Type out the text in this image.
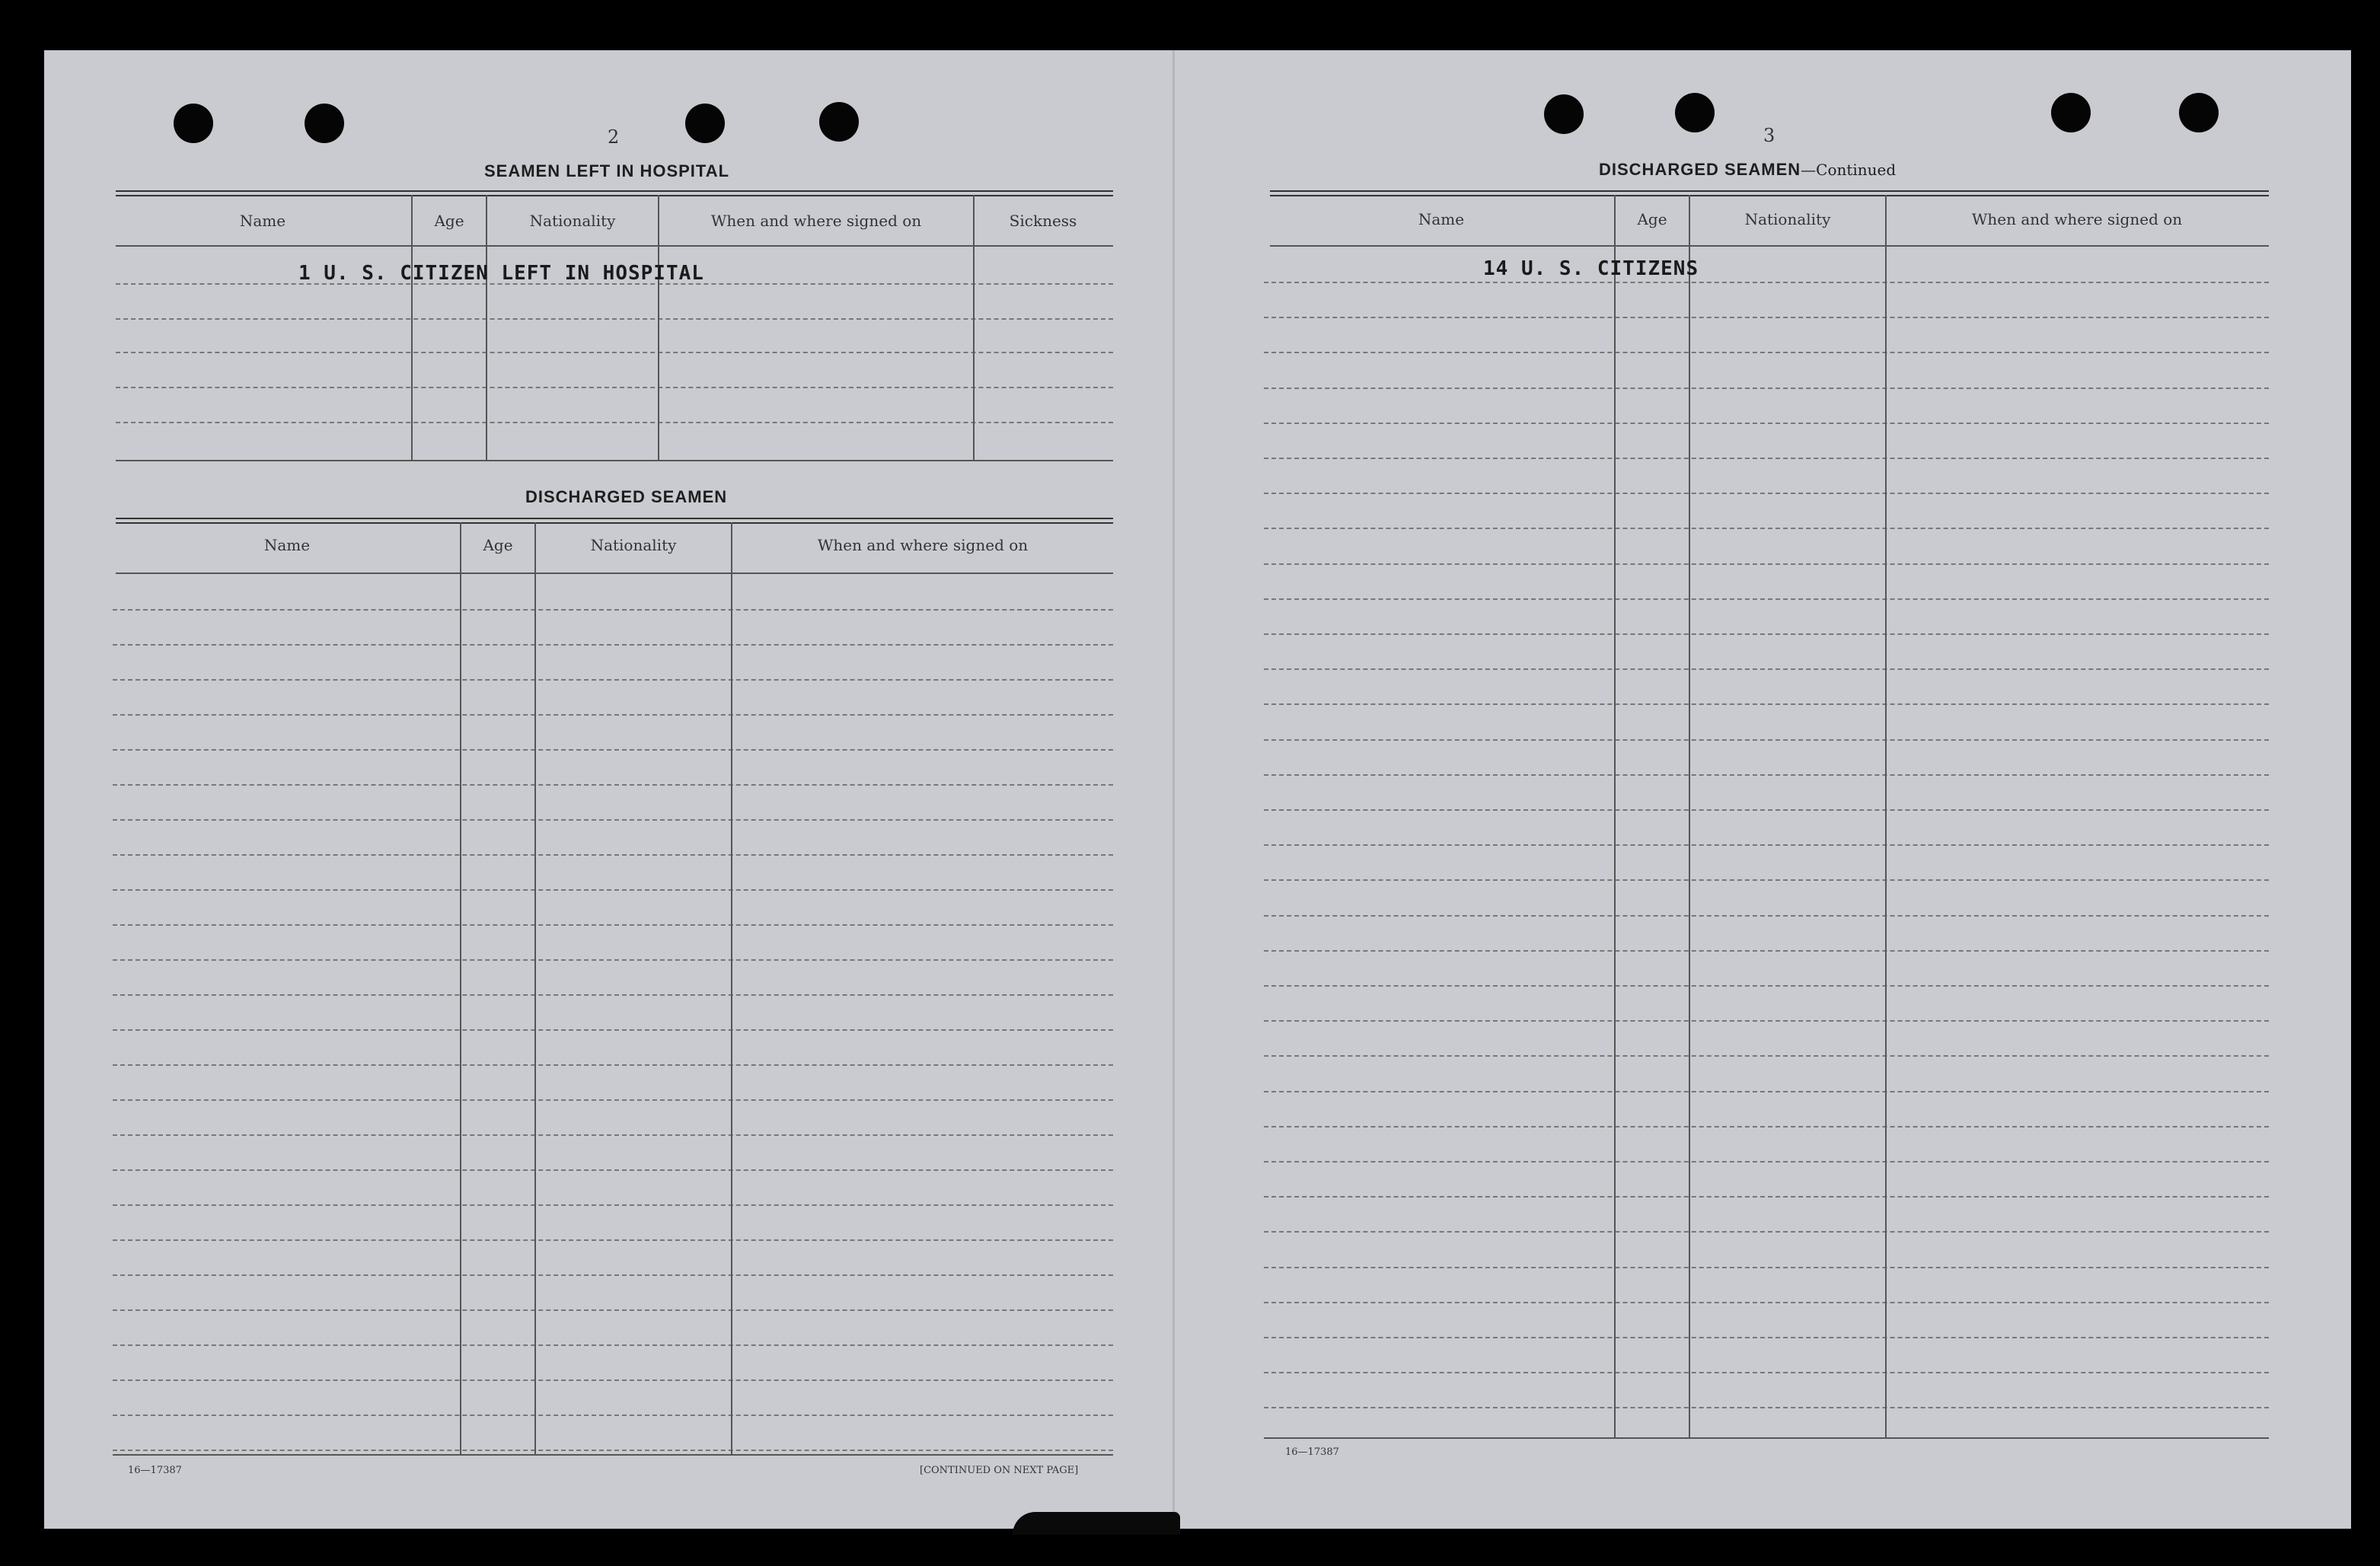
2
SEAMEN LEFT IN HOSPITAL
Name	Age	Nationality	When and where signed on	Sickness
1 U. S. CITIZEN LEFT IN HOSPITAL
DISCHARGED SEAMEN
Name	Age	Nationality	When and where signed on
16—17387	[CONTINUED ON NEXT PAGE]
3
DISCHARGED SEAMEN—Continued
Name	Age	Nationality	When and where signed on
14 U. S. CITIZENS
16—17387
